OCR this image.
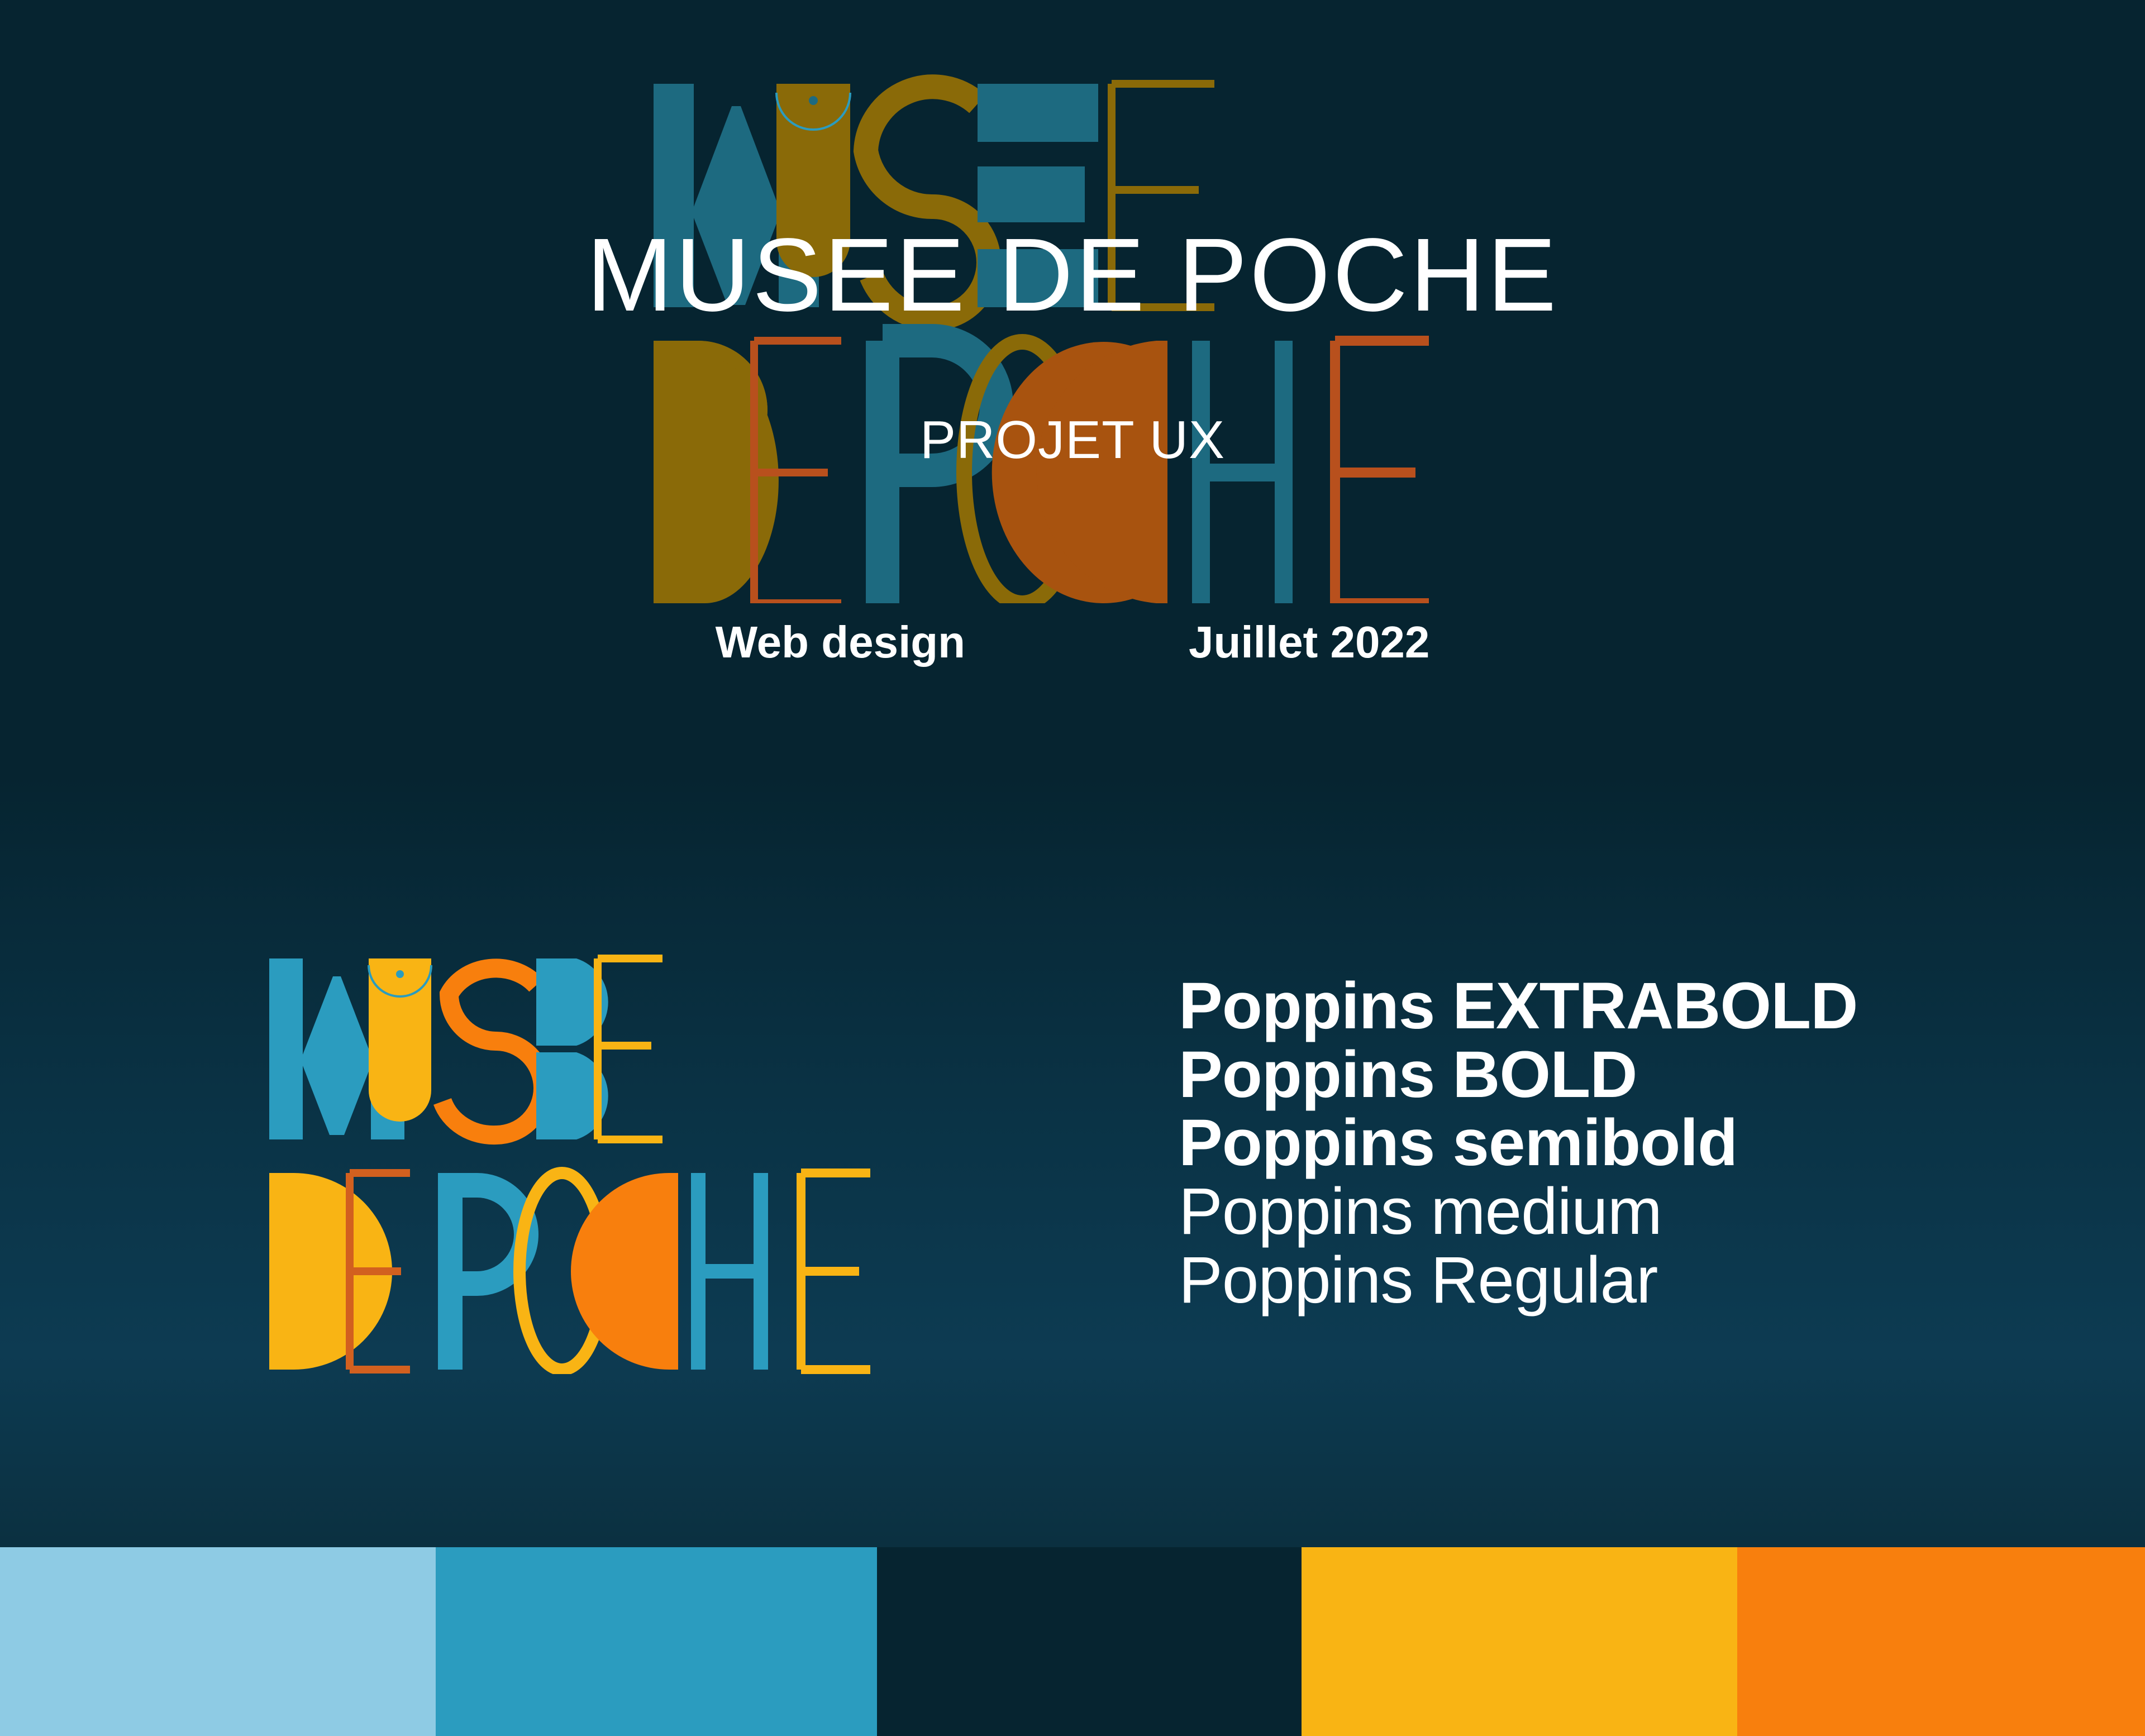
MUSEE DE POCHE
PROJET UX
Web design	Juillet 2022
Poppins EXTRABOLD
Poppins BOLD
Poppins semibold
Poppins medium
Poppins Regular
